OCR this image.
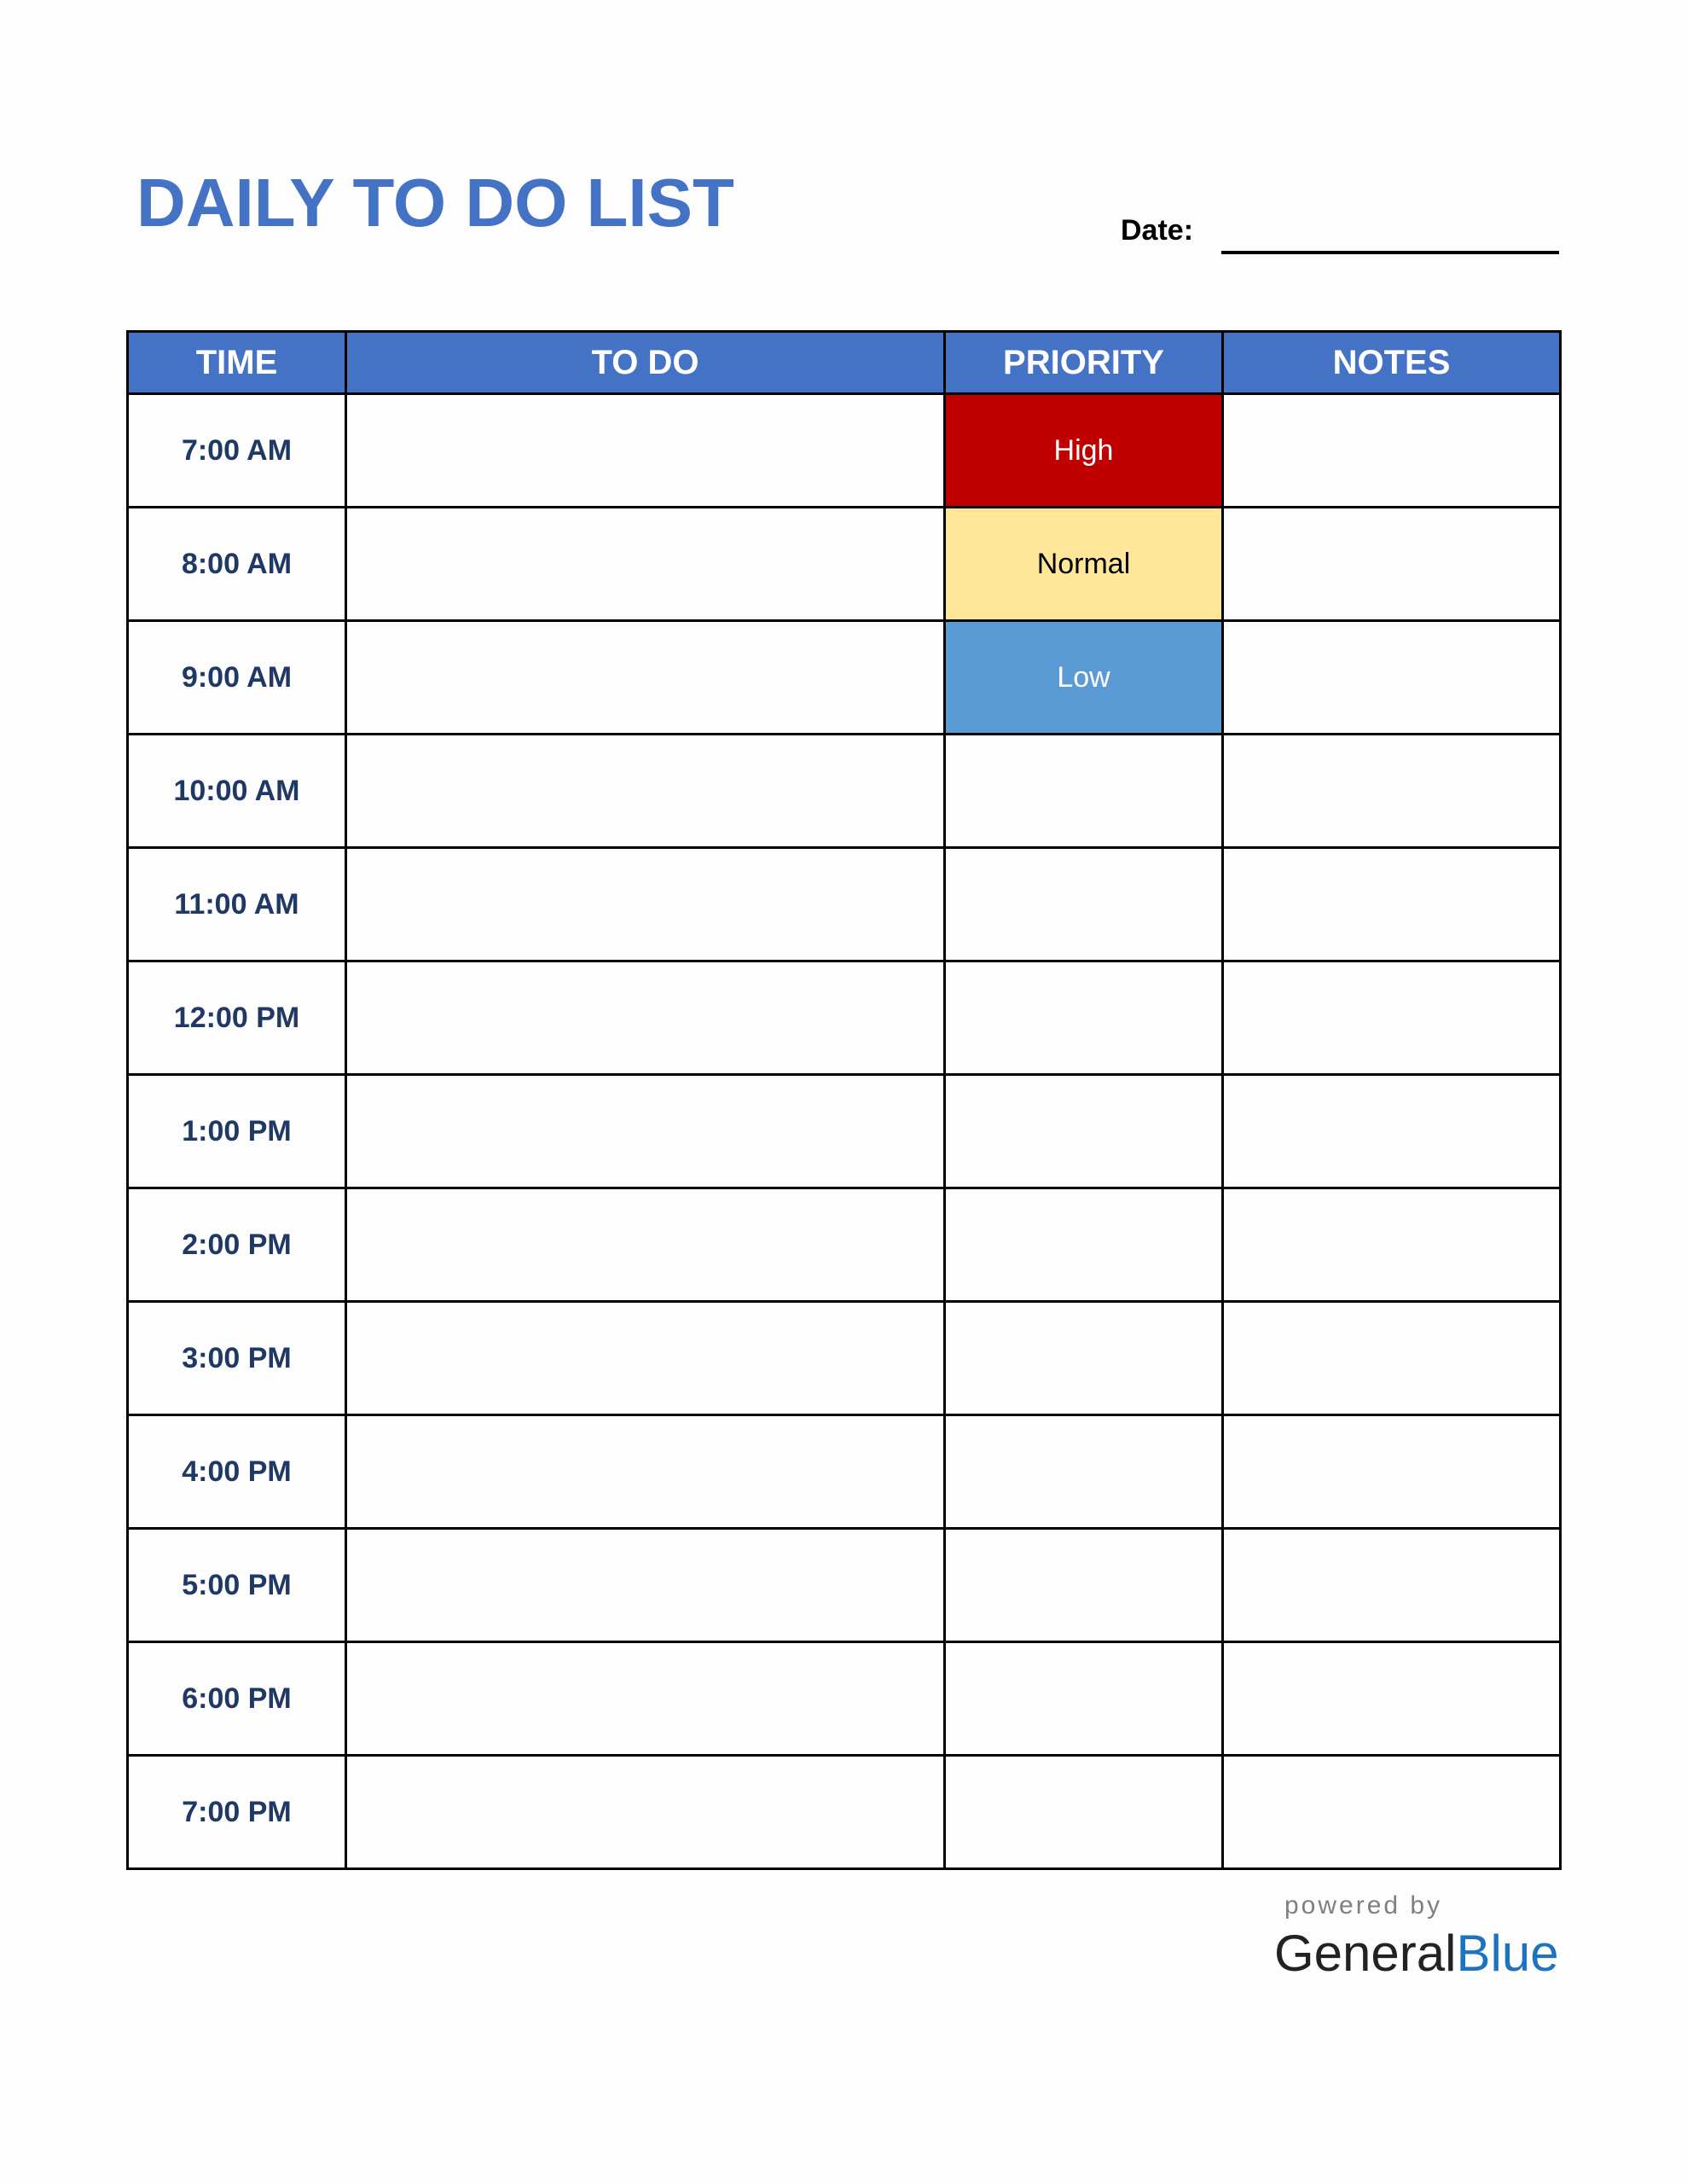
DAILY TO DO LIST	Date:
TIME	TO DO	PRIORITY	NOTES
7:00 AM		High	
8:00 AM		Normal	
9:00 AM		Low	
10:00 AM			
11:00 AM			
12:00 PM			
1:00 PM			
2:00 PM			
3:00 PM			
4:00 PM			
5:00 PM			
6:00 PM			
7:00 PM			
powered by
GeneralBlue
